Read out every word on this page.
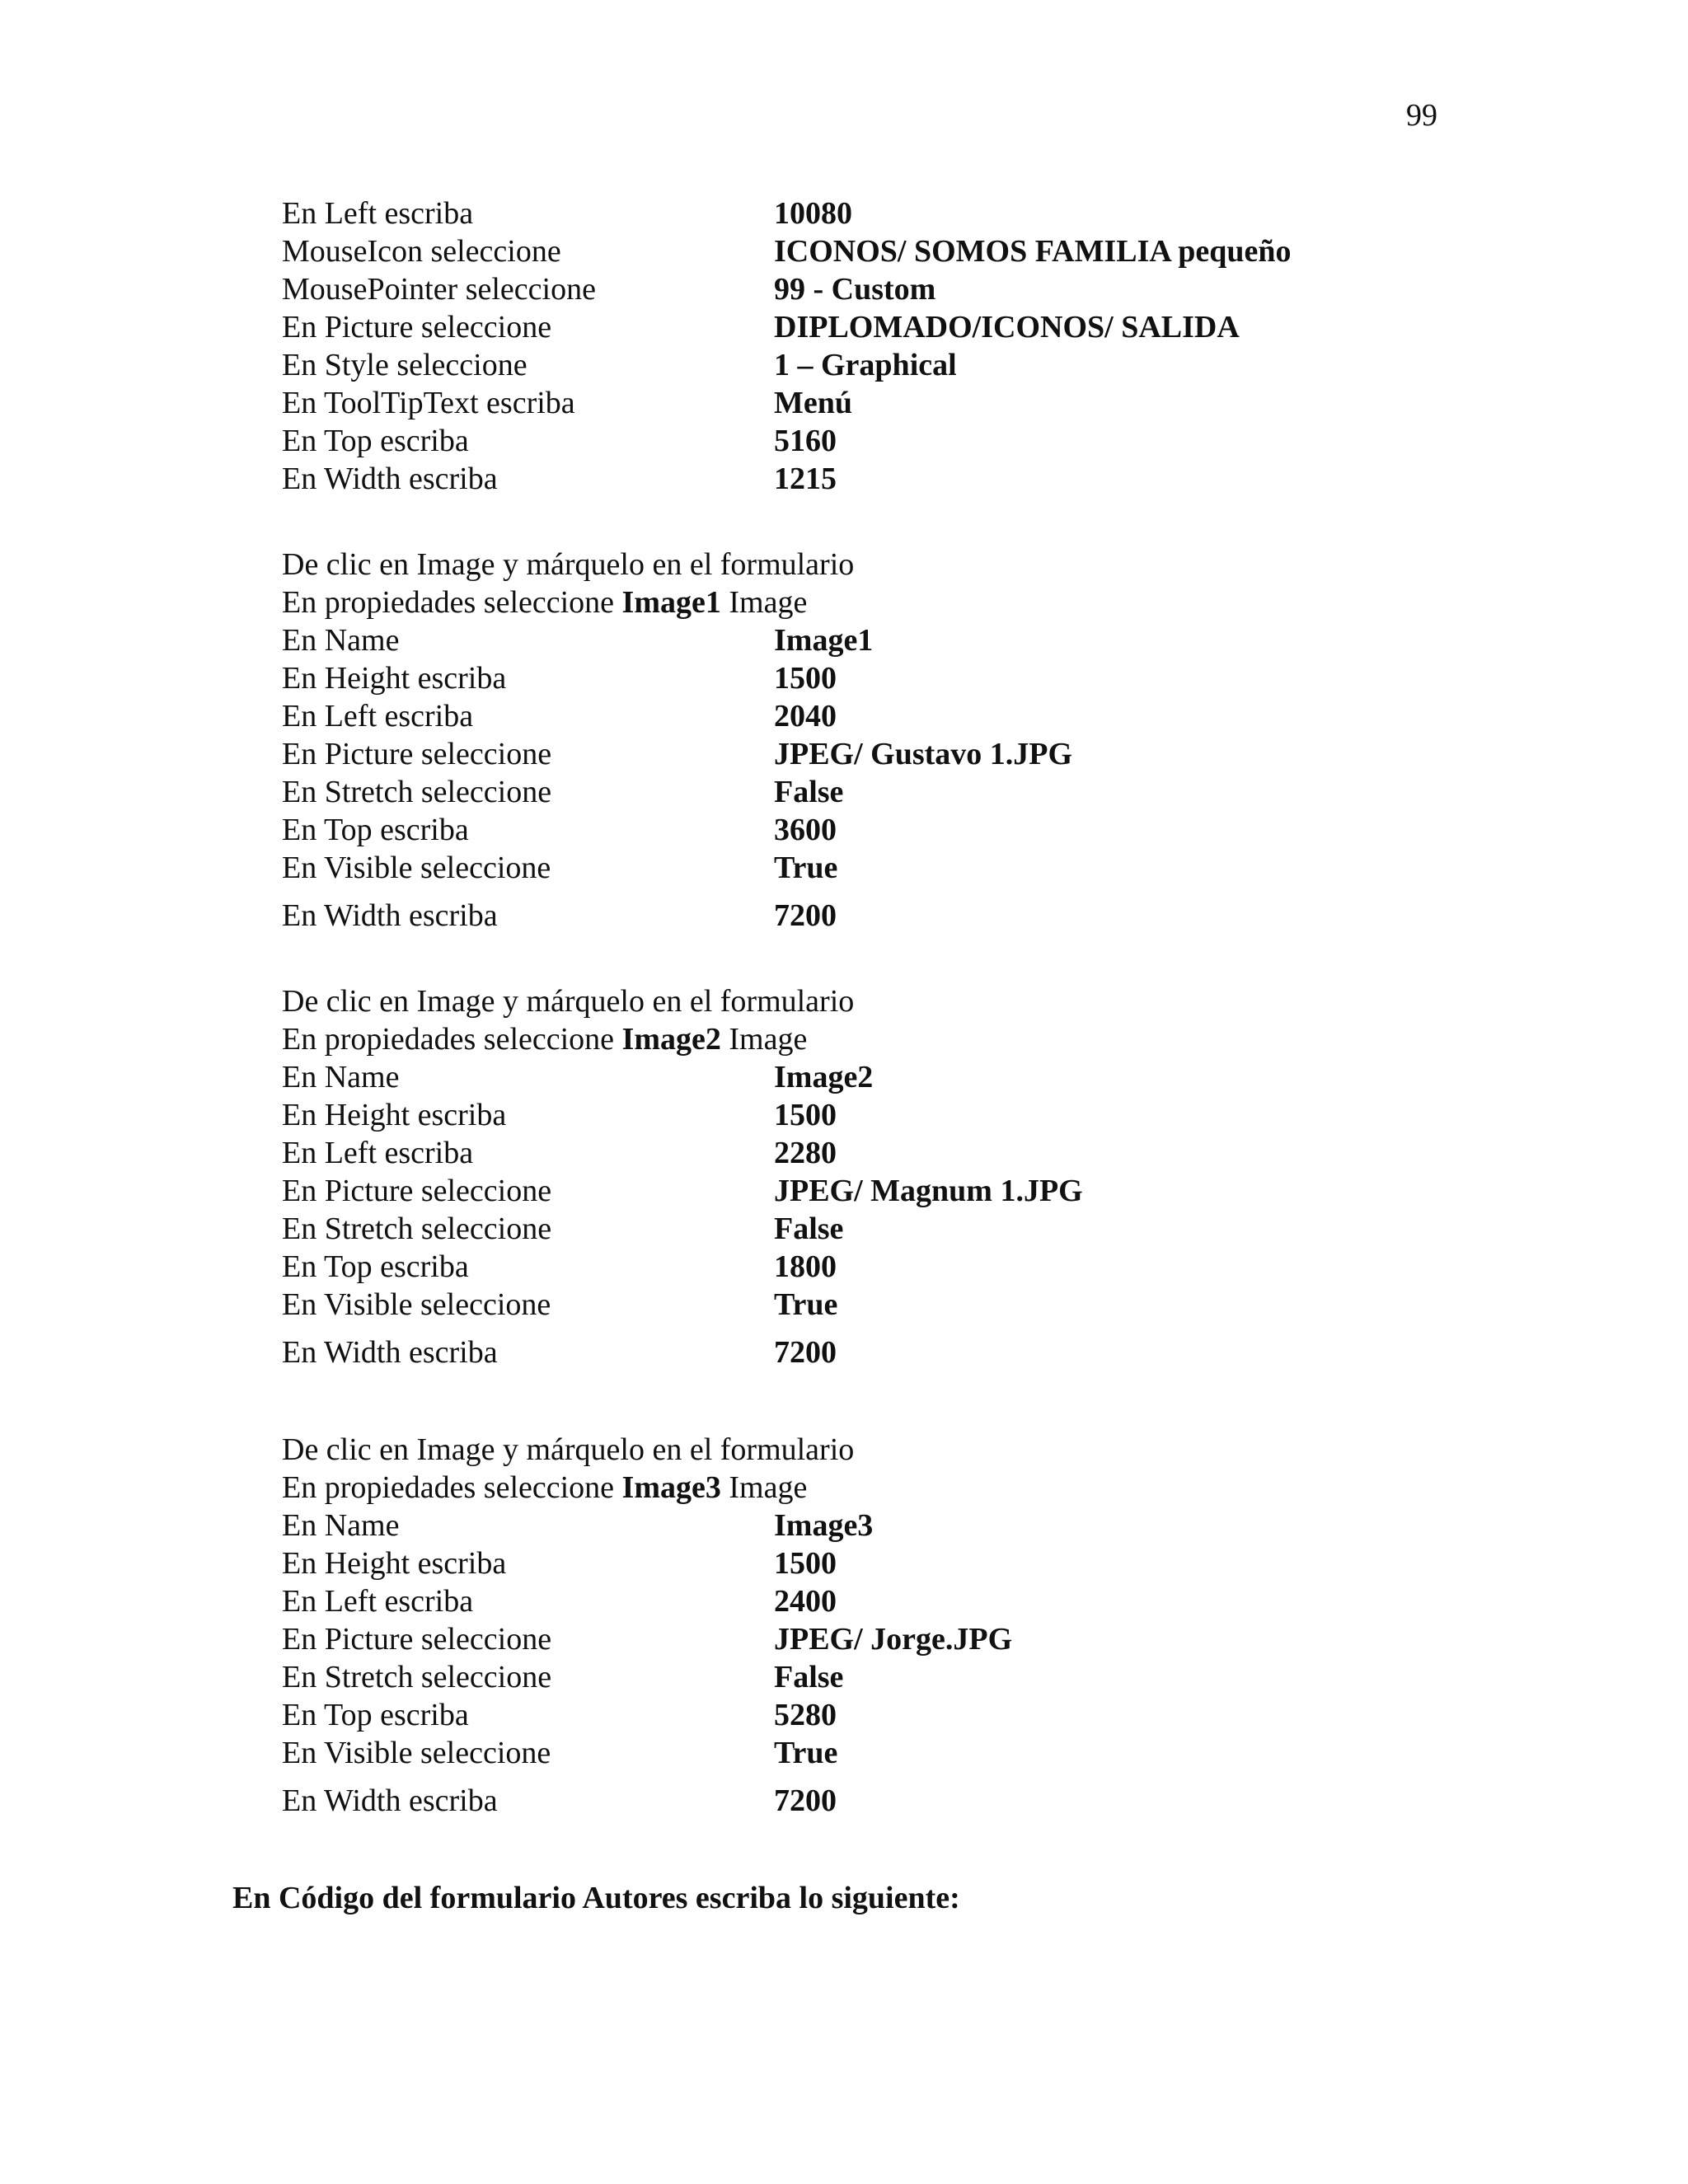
99
En Left escriba	10080
MouseIcon seleccione	ICONOS/ SOMOS FAMILIA pequeño
MousePointer seleccione	99 - Custom
En Picture seleccione	DIPLOMADO/ICONOS/ SALIDA
En Style seleccione	1 – Graphical
En ToolTipText escriba	Menú
En Top escriba	5160
En Width escriba	1215
De clic en Image y márquelo en el formulario
En propiedades seleccione Image1 Image
En Name	Image1
En Height escriba	1500
En Left escriba	2040
En Picture seleccione	JPEG/ Gustavo 1.JPG
En Stretch seleccione	False
En Top escriba	3600
En Visible seleccione	True
En Width escriba	7200
De clic en Image y márquelo en el formulario
En propiedades seleccione Image2 Image
En Name	Image2
En Height escriba	1500
En Left escriba	2280
En Picture seleccione	JPEG/ Magnum 1.JPG
En Stretch seleccione	False
En Top escriba	1800
En Visible seleccione	True
En Width escriba	7200
De clic en Image y márquelo en el formulario
En propiedades seleccione Image3 Image
En Name	Image3
En Height escriba	1500
En Left escriba	2400
En Picture seleccione	JPEG/ Jorge.JPG
En Stretch seleccione	False
En Top escriba	5280
En Visible seleccione	True
En Width escriba	7200
En Código del formulario Autores escriba lo siguiente:
